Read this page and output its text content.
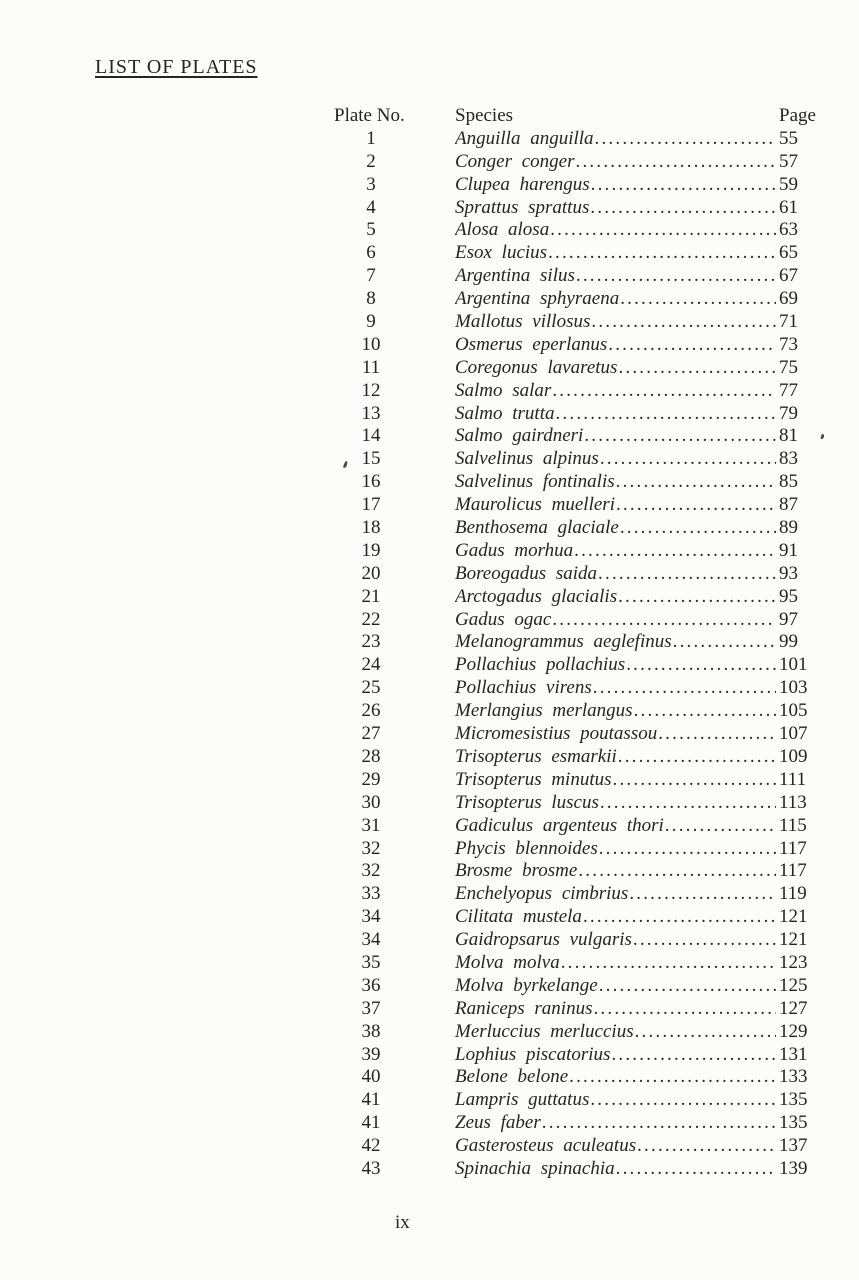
LIST OF PLATES
Plate No.	Species	Page
1	Anguilla anguilla .....	55
2	Conger conger .....	57
3	Clupea harengus .....	59
4	Sprattus sprattus .....	61
5	Alosa alosa .....	63
6	Esox lucius .....	65
7	Argentina silus .....	67
8	Argentina sphyraena .....	69
9	Mallotus villosus .....	71
10	Osmerus eperlanus .....	73
11	Coregonus lavaretus .....	75
12	Salmo salar .....	77
13	Salmo trutta .....	79
14	Salmo gairdneri .....	81
15	Salvelinus alpinus .....	83
16	Salvelinus fontinalis .....	85
17	Maurolicus muelleri .....	87
18	Benthosema glaciale .....	89
19	Gadus morhua .....	91
20	Boreogadus saida .....	93
21	Arctogadus glacialis .....	95
22	Gadus ogac .....	97
23	Melanogrammus aeglefinus .....	99
24	Pollachius pollachius .....	101
25	Pollachius virens .....	103
26	Merlangius merlangus .....	105
27	Micromesistius poutassou .....	107
28	Trisopterus esmarkii .....	109
29	Trisopterus minutus .....	111
30	Trisopterus luscus .....	113
31	Gadiculus argenteus thori .....	115
32	Phycis blennoides .....	117
32	Brosme brosme .....	117
33	Enchelyopus cimbrius .....	119
34	Cilitata mustela .....	121
34	Gaidropsarus vulgaris .....	121
35	Molva molva .....	123
36	Molva byrkelange .....	125
37	Raniceps raninus .....	127
38	Merluccius merluccius .....	129
39	Lophius piscatorius .....	131
40	Belone belone .....	133
41	Lampris guttatus .....	135
41	Zeus faber .....	135
42	Gasterosteus aculeatus .....	137
43	Spinachia spinachia .....	139
ix
